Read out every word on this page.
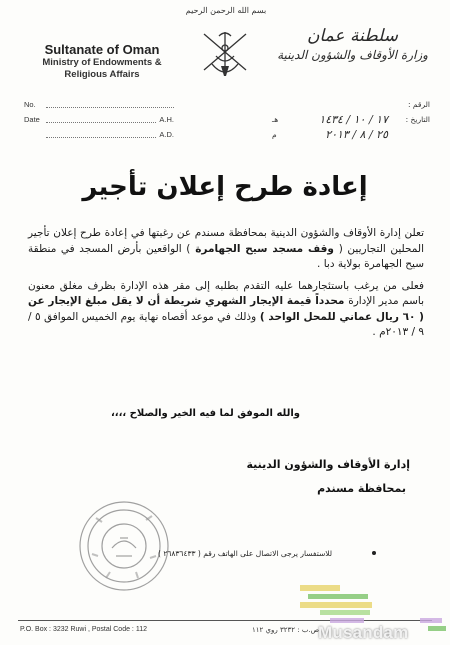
بسم الله الرحمن الرحيم
Sultanate of Oman
Ministry of Endowments &
Religious Affairs
سلطنة عمان
وزارة الأوقاف والشؤون الدينية
No.
Date	A.H.
A.D.
الرقم :
التاريخ :
١٧ / ١٠ / ١٤٣٤
هـ
٢٥ / ٨ / ٢٠١٣
م
إعادة طرح إعلان تأجير

تعلن إدارة الأوقاف والشؤون الدينية بمحافظة مسندم عن رغبتها في إعادة طرح إعلان تأجير المحلين التجاريين ( وقف مسجد سيح الجهامرة ) الواقعين بأرض المسجد في منطقة سيح الجهامرة بولاية دبا .

فعلى من يرغب باستئجارهما عليه التقدم بطلبه إلى مقر هذه الإدارة بظرف مغلق معنون باسم مدير الإدارة محدداً قيمة الإيجار الشهري شريطة أن لا يقل مبلغ الإيجار عن ( ٦٠ ريال عماني للمحل الواحد ) وذلك في موعد أقصاه نهاية يوم الخميس الموافق ٥ / ٩ / ٢٠١٣م .

والله الموفق لما فيه الخير والصلاح ،،،،
إدارة الأوقاف والشؤون الدينية
بمحافظة مسندم
للاستفسار يرجى الاتصال على الهاتف رقم ( ٢٦٨٣٦٤٣٣ )
P.O. Box : 3232 Ruwi , Postal Code : 112	ص.ب : ٣٢٣٢ روي ١١٢
Musandam
